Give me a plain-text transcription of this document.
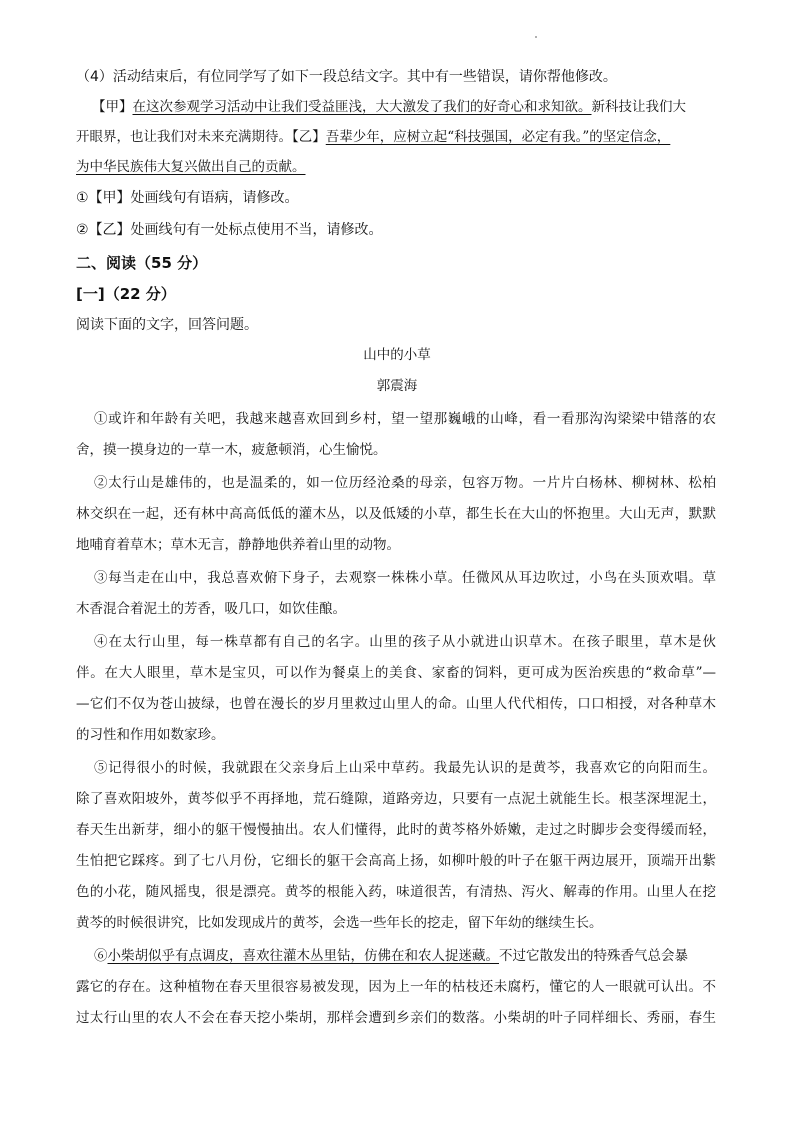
（4）活动结束后，有位同学写了如下一段总结文字。其中有一些错误，请你帮他修改。
【甲】在这次参观学习活动中让我们受益匪浅，大大激发了我们的好奇心和求知欲。新科技让我们大
开眼界，也让我们对未来充满期待。【乙】吾辈少年，应树立起“科技强国，必定有我。”的坚定信念，
为中华民族伟大复兴做出自己的贡献。
①【甲】处画线句有语病，请修改。
②【乙】处画线句有一处标点使用不当，请修改。
二、阅读（55 分）
[一]（22 分）
阅读下面的文字，回答问题。
山中的小草
郭震海
①或许和年龄有关吧，我越来越喜欢回到乡村，望一望那巍峨的山峰，看一看那沟沟梁梁中错落的农
舍，摸一摸身边的一草一木，疲惫顿消，心生愉悦。
②太行山是雄伟的，也是温柔的，如一位历经沧桑的母亲，包容万物。一片片白杨林、柳树林、松柏
林交织在一起，还有林中高高低低的灌木丛，以及低矮的小草，都生长在大山的怀抱里。大山无声，默默
地哺育着草木；草木无言，静静地供养着山里的动物。
③每当走在山中，我总喜欢俯下身子，去观察一株株小草。任微风从耳边吹过，小鸟在头顶欢唱。草
木香混合着泥土的芳香，吸几口，如饮佳酿。
④在太行山里，每一株草都有自己的名字。山里的孩子从小就进山识草木。在孩子眼里，草木是伙
伴。在大人眼里，草木是宝贝，可以作为餐桌上的美食、家畜的饲料，更可成为医治疾患的“救命草”—
—它们不仅为苍山披绿，也曾在漫长的岁月里救过山里人的命。山里人代代相传，口口相授，对各种草木
的习性和作用如数家珍。
⑤记得很小的时候，我就跟在父亲身后上山采中草药。我最先认识的是黄芩，我喜欢它的向阳而生。
除了喜欢阳坡外，黄芩似乎不再择地，荒石缝隙，道路旁边，只要有一点泥土就能生长。根茎深埋泥土，
春天生出新芽，细小的躯干慢慢抽出。农人们懂得，此时的黄芩格外娇嫩，走过之时脚步会变得缓而轻，
生怕把它踩疼。到了七八月份，它细长的躯干会高高上扬，如柳叶般的叶子在躯干两边展开，顶端开出紫
色的小花，随风摇曳，很是漂亮。黄芩的根能入药，味道很苦，有清热、泻火、解毒的作用。山里人在挖
黄芩的时候很讲究，比如发现成片的黄芩，会选一些年长的挖走，留下年幼的继续生长。
⑥小柴胡似乎有点调皮，喜欢往灌木丛里钻，仿佛在和农人捉迷藏。不过它散发出的特殊香气总会暴
露它的存在。这种植物在春天里很容易被发现，因为上一年的枯枝还未腐朽，懂它的人一眼就可认出。不
过太行山里的农人不会在春天挖小柴胡，那样会遭到乡亲们的数落。小柴胡的叶子同样细长、秀丽，春生
